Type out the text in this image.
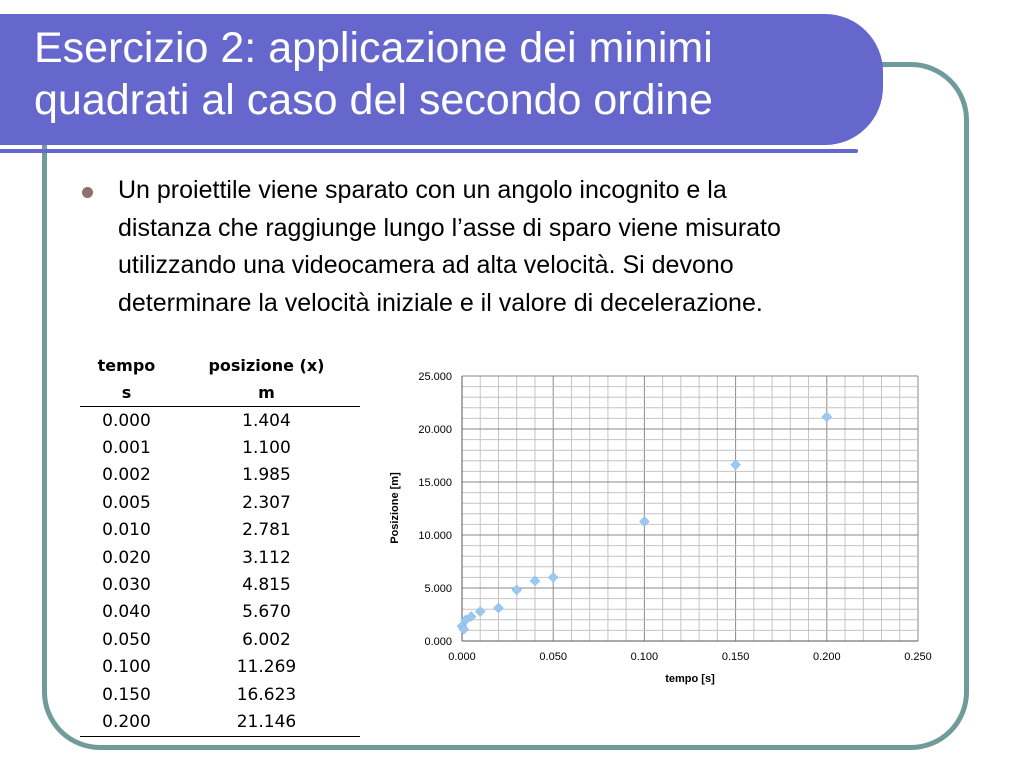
Esercizio 2: applicazione dei minimi
quadrati al caso del secondo ordine
Un proiettile viene sparato con un angolo incognito e la
distanza che raggiunge lungo l’asse di sparo viene misurato
utilizzando una videocamera ad alta velocità. Si devono
determinare la velocità iniziale e il valore di decelerazione.
tempo	posizione (x)
s	m
0.000	1.404
0.001	1.100
0.002	1.985
0.005	2.307
0.010	2.781
0.020	3.112
0.030	4.815
0.040	5.670
0.050	6.002
0.100	11.269
0.150	16.623
0.200	21.146
0.000	0.050	0.100	0.150	0.200	0.250
0.000
5.000
10.000
15.000
20.000
25.000
tempo [s]
Posizione [m]
